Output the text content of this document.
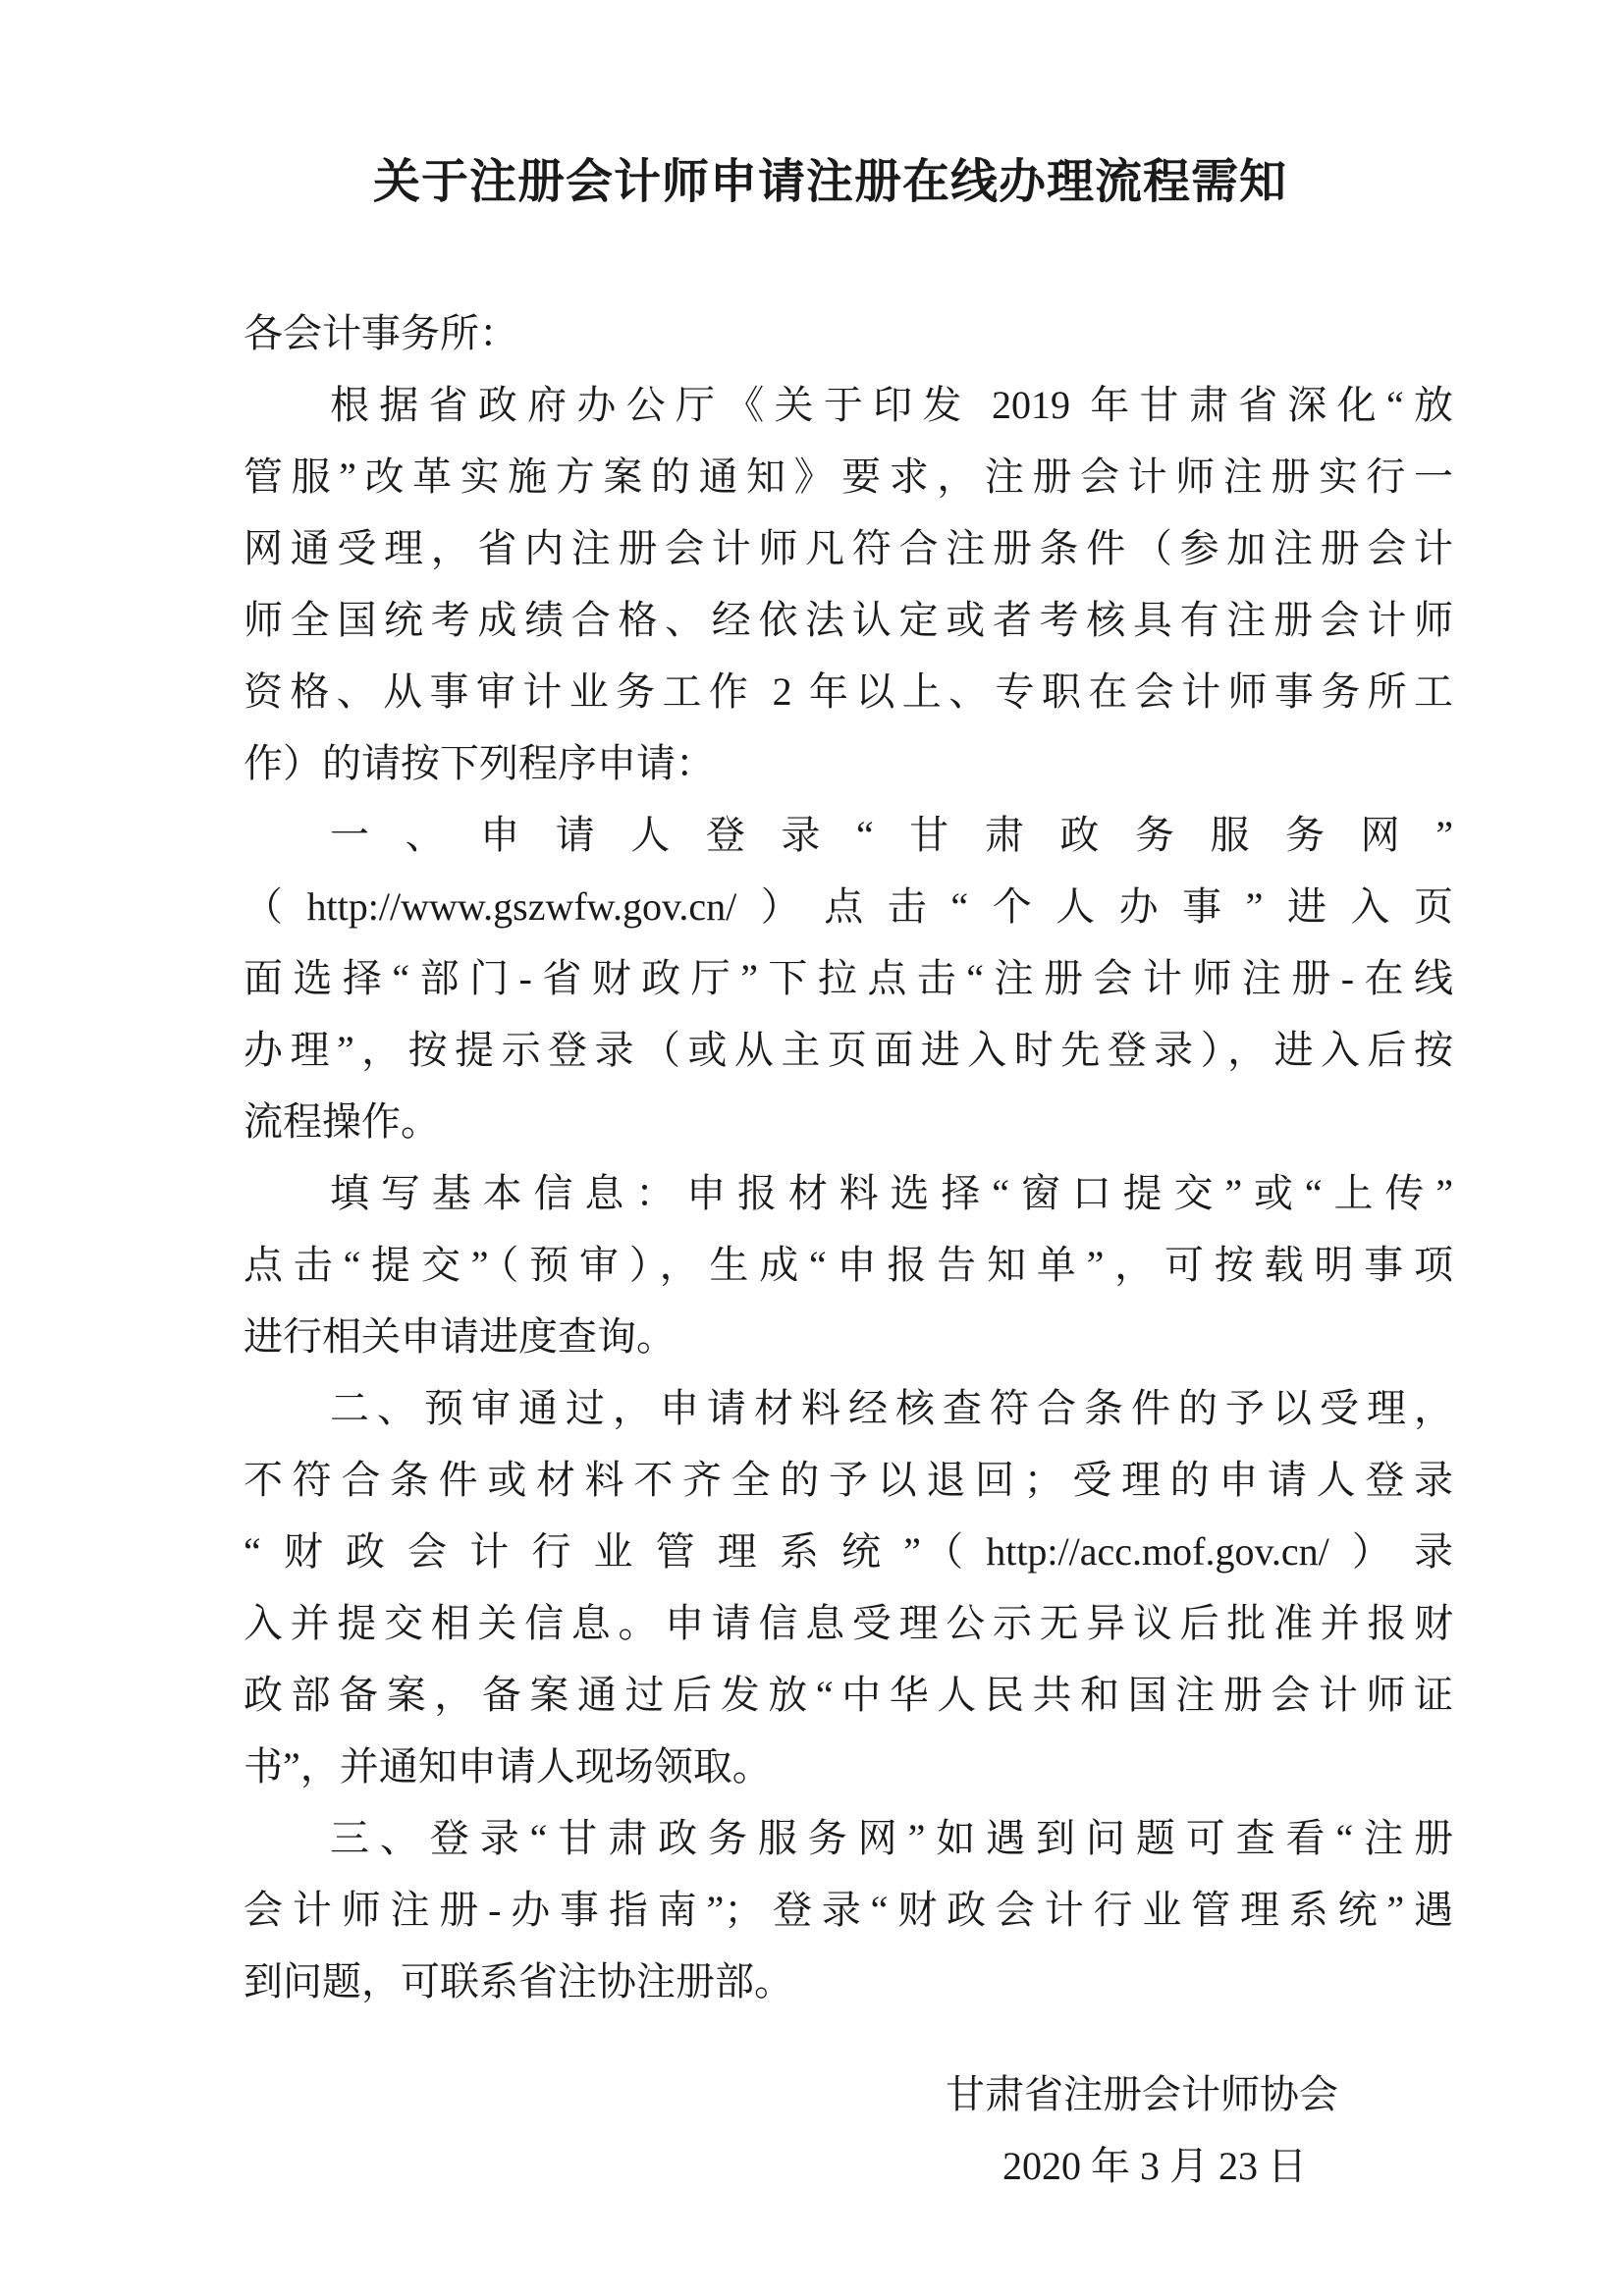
关于注册会计师申请注册在线办理流程需知
各会计事务所：
根据省政府办公厅《关于印发 2019 年甘肃省深化“放
管服”改革实施方案的通知》要求，注册会计师注册实行一
网通受理，省内注册会计师凡符合注册条件（参加注册会计
师全国统考成绩合格、经依法认定或者考核具有注册会计师
资格、从事审计业务工作 2 年以上、专职在会计师事务所工
作）的请按下列程序申请：
一、申请人登录“甘肃政务服务网”
（http://www.gszwfw.gov.cn/）点击“个人办事”进入页
面选择“部门-省财政厅”下拉点击“注册会计师注册-在线
办理”，按提示登录（或从主页面进入时先登录），进入后按
流程操作。
填写基本信息：申报材料选择“窗口提交”或“上传”
点击“提交”（预审），生成“申报告知单”，可按载明事项
进行相关申请进度查询。
二、预审通过，申请材料经核查符合条件的予以受理，
不符合条件或材料不齐全的予以退回；受理的申请人登录
“财政会计行业管理系统”（http://acc.mof.gov.cn/）录
入并提交相关信息。申请信息受理公示无异议后批准并报财
政部备案，备案通过后发放“中华人民共和国注册会计师证
书”，并通知申请人现场领取。
三、登录“甘肃政务服务网”如遇到问题可查看“注册
会计师注册-办事指南”；登录“财政会计行业管理系统”遇
到问题，可联系省注协注册部。
甘肃省注册会计师协会
2020 年 3 月 23 日
